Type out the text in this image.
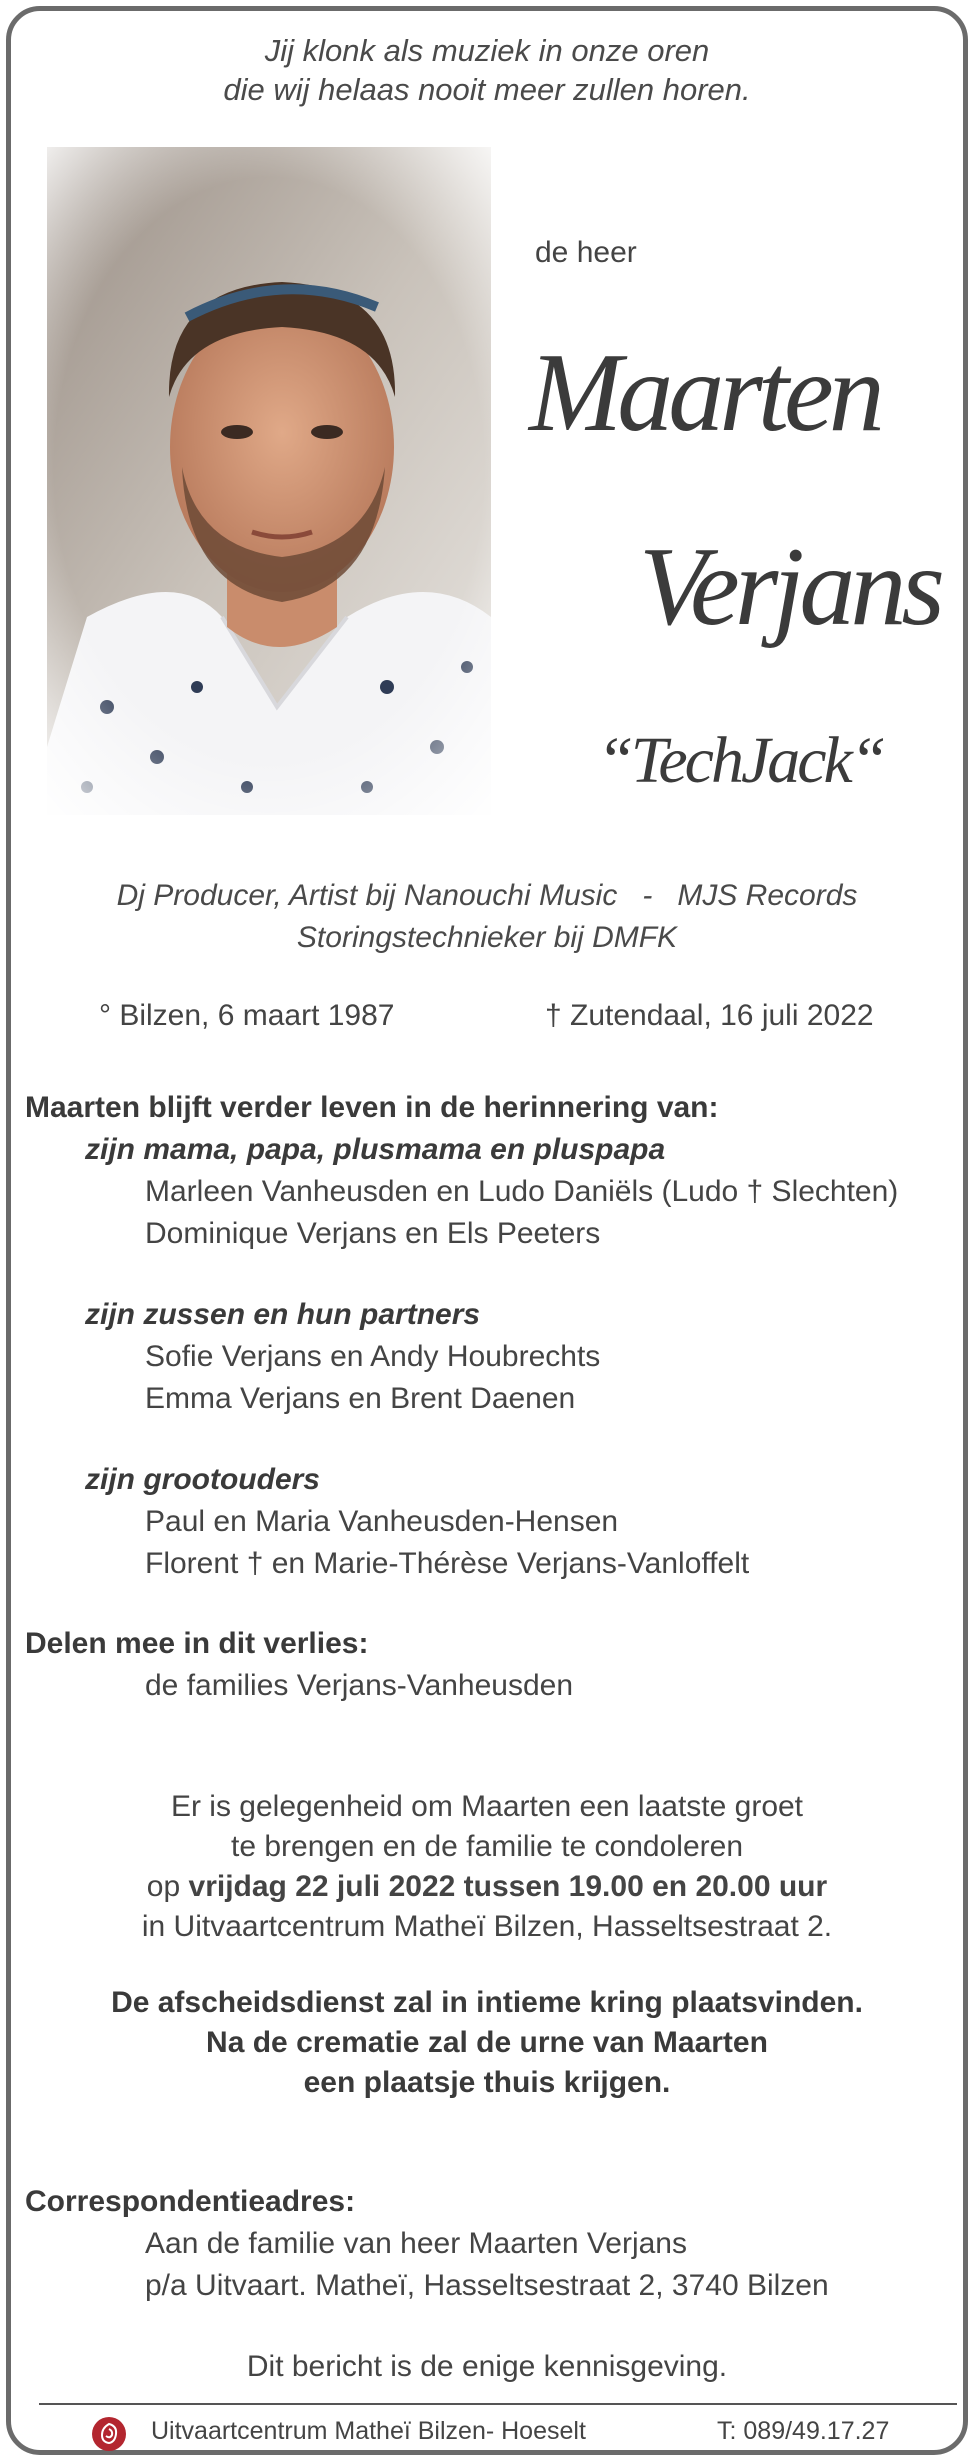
Jij klonk als muziek in onze oren
die wij helaas nooit meer zullen horen.
de heer
Maarten
Verjans
“TechJack“
Dj Producer, Artist bij Nanouchi Music - MJS Records
Storingstechnieker bij DMFK
° Bilzen, 6 maart 1987	† Zutendaal, 16 juli 2022
Maarten blijft verder leven in de herinnering van:
zijn mama, papa, plusmama en pluspapa
Marleen Vanheusden en Ludo Daniëls (Ludo † Slechten)
Dominique Verjans en Els Peeters
zijn zussen en hun partners
Sofie Verjans en Andy Houbrechts
Emma Verjans en Brent Daenen
zijn grootouders
Paul en Maria Vanheusden-Hensen
Florent † en Marie-Thérèse Verjans-Vanloffelt
Delen mee in dit verlies:
de families Verjans-Vanheusden
Er is gelegenheid om Maarten een laatste groet
te brengen en de familie te condoleren
op vrijdag 22 juli 2022 tussen 19.00 en 20.00 uur
in Uitvaartcentrum Matheï Bilzen, Hasseltsestraat 2.
De afscheidsdienst zal in intieme kring plaatsvinden.
Na de crematie zal de urne van Maarten
een plaatsje thuis krijgen.
Correspondentieadres:
Aan de familie van heer Maarten Verjans
p/a Uitvaart. Matheï, Hasseltsestraat 2, 3740 Bilzen
Dit bericht is de enige kennisgeving.
Uitvaartcentrum Matheï Bilzen- Hoeselt	T: 089/49.17.27
